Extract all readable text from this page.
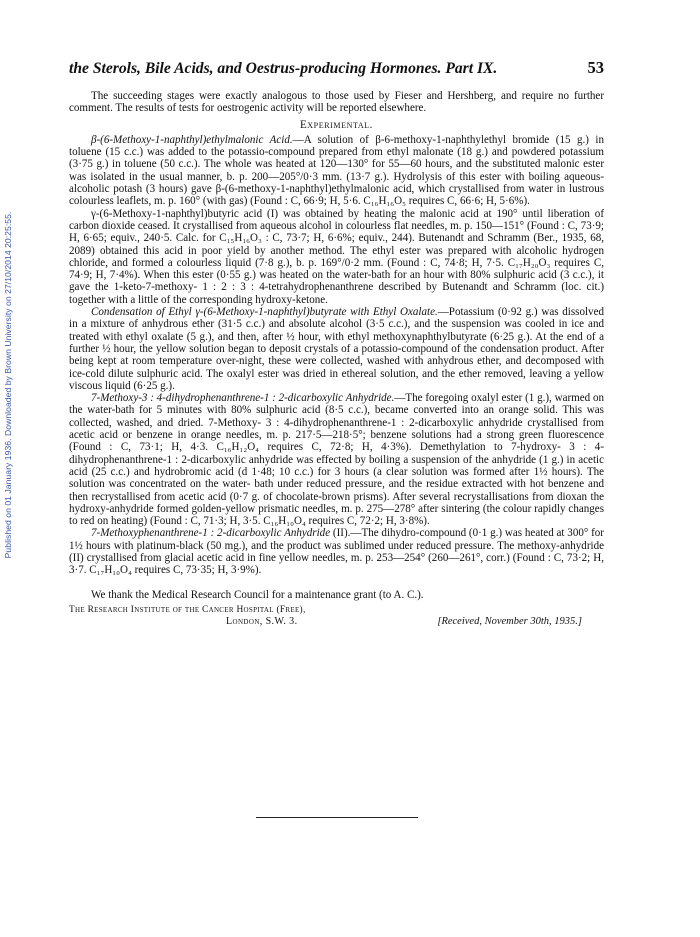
Published on 01 January 1936. Downloaded by Brown University on 27/10/2014 20:25:55.
the Sterols, Bile Acids, and Oestrus-producing Hormones. Part IX.	53

The succeeding stages were exactly analogous to those used by Fieser and Hershberg, and require no further comment. The results of tests for oestrogenic activity will be reported elsewhere.

Experimental.

β-(6-Methoxy-1-naphthyl)ethylmalonic Acid.—A solution of β-6-methoxy-1-naphthylethyl bromide (15 g.) in toluene (15 c.c.) was added to the potassio-compound prepared from ethyl malonate (18 g.) and powdered potassium (3·75 g.) in toluene (50 c.c.). The whole was heated at 120—130° for 55—60 hours, and the substituted malonic ester was isolated in the usual manner, b. p. 200—205°/0·3 mm. (13·7 g.). Hydrolysis of this ester with boiling aqueous- alcoholic potash (3 hours) gave β-(6-methoxy-1-naphthyl)ethylmalonic acid, which crystallised from water in lustrous colourless leaflets, m. p. 160° (with gas) (Found : C, 66·9; H, 5·6. C₁₆H₁₆O₅ requires C, 66·6; H, 5·6%).

γ-(6-Methoxy-1-naphthyl)butyric acid (I) was obtained by heating the malonic acid at 190° until liberation of carbon dioxide ceased. It crystallised from aqueous alcohol in colourless flat needles, m. p. 150—151° (Found : C, 73·9; H, 6·65; equiv., 240·5. Calc. for C₁₅H₁₆O₃ : C, 73·7; H, 6·6%; equiv., 244). Butenandt and Schramm (Ber., 1935, 68, 2089) obtained this acid in poor yield by another method. The ethyl ester was prepared with alcoholic hydrogen chloride, and formed a colourless liquid (7·8 g.), b. p. 169°/0·2 mm. (Found : C, 74·8; H, 7·5. C₁₇H₂₀O₃ requires C, 74·9; H, 7·4%). When this ester (0·55 g.) was heated on the water-bath for an hour with 80% sulphuric acid (3 c.c.), it gave the 1-keto-7-methoxy- 1 : 2 : 3 : 4-tetrahydrophenanthrene described by Butenandt and Schramm (loc. cit.) together with a little of the corresponding hydroxy-ketone.

Condensation of Ethyl γ-(6-Methoxy-1-naphthyl)butyrate with Ethyl Oxalate.—Potassium (0·92 g.) was dissolved in a mixture of anhydrous ether (31·5 c.c.) and absolute alcohol (3·5 c.c.), and the suspension was cooled in ice and treated with ethyl oxalate (5 g.), and then, after ½ hour, with ethyl methoxynaphthylbutyrate (6·25 g.). At the end of a further ½ hour, the yellow solution began to deposit crystals of a potassio-compound of the condensation product. After being kept at room temperature over-night, these were collected, washed with anhydrous ether, and decomposed with ice-cold dilute sulphuric acid. The oxalyl ester was dried in ethereal solution, and the ether removed, leaving a yellow viscous liquid (6·25 g.).

7-Methoxy-3 : 4-dihydrophenanthrene-1 : 2-dicarboxylic Anhydride.—The foregoing oxalyl ester (1 g.), warmed on the water-bath for 5 minutes with 80% sulphuric acid (8·5 c.c.), became converted into an orange solid. This was collected, washed, and dried. 7-Methoxy- 3 : 4-dihydrophenanthrene-1 : 2-dicarboxylic anhydride crystallised from acetic acid or benzene in orange needles, m. p. 217·5—218·5°; benzene solutions had a strong green fluorescence (Found : C, 73·1; H, 4·3. C₁₆H₁₂O₄ requires C, 72·8; H, 4·3%). Demethylation to 7-hydroxy- 3 : 4-dihydrophenanthrene-1 : 2-dicarboxylic anhydride was effected by boiling a suspension of the anhydride (1 g.) in acetic acid (25 c.c.) and hydrobromic acid (d 1·48; 10 c.c.) for 3 hours (a clear solution was formed after 1½ hours). The solution was concentrated on the water- bath under reduced pressure, and the residue extracted with hot benzene and then recrystallised from acetic acid (0·7 g. of chocolate-brown prisms). After several recrystallisations from dioxan the hydroxy-anhydride formed golden-yellow prismatic needles, m. p. 275—278° after sintering (the colour rapidly changes to red on heating) (Found : C, 71·3; H, 3·5. C₁₆H₁₀O₄ requires C, 72·2; H, 3·8%).

7-Methoxyphenanthrene-1 : 2-dicarboxylic Anhydride (II).—The dihydro-compound (0·1 g.) was heated at 300° for 1½ hours with platinum-black (50 mg.), and the product was sublimed under reduced pressure. The methoxy-anhydride (II) crystallised from glacial acetic acid in fine yellow needles, m. p. 253—254° (260—261°, corr.) (Found : C, 73·2; H, 3·7. C₁₇H₁₀O₄ requires C, 73·35; H, 3·9%).

We thank the Medical Research Council for a maintenance grant (to A. C.).

The Research Institute of the Cancer Hospital (Free),

London, S.W. 3.	[Received, November 30th, 1935.]
